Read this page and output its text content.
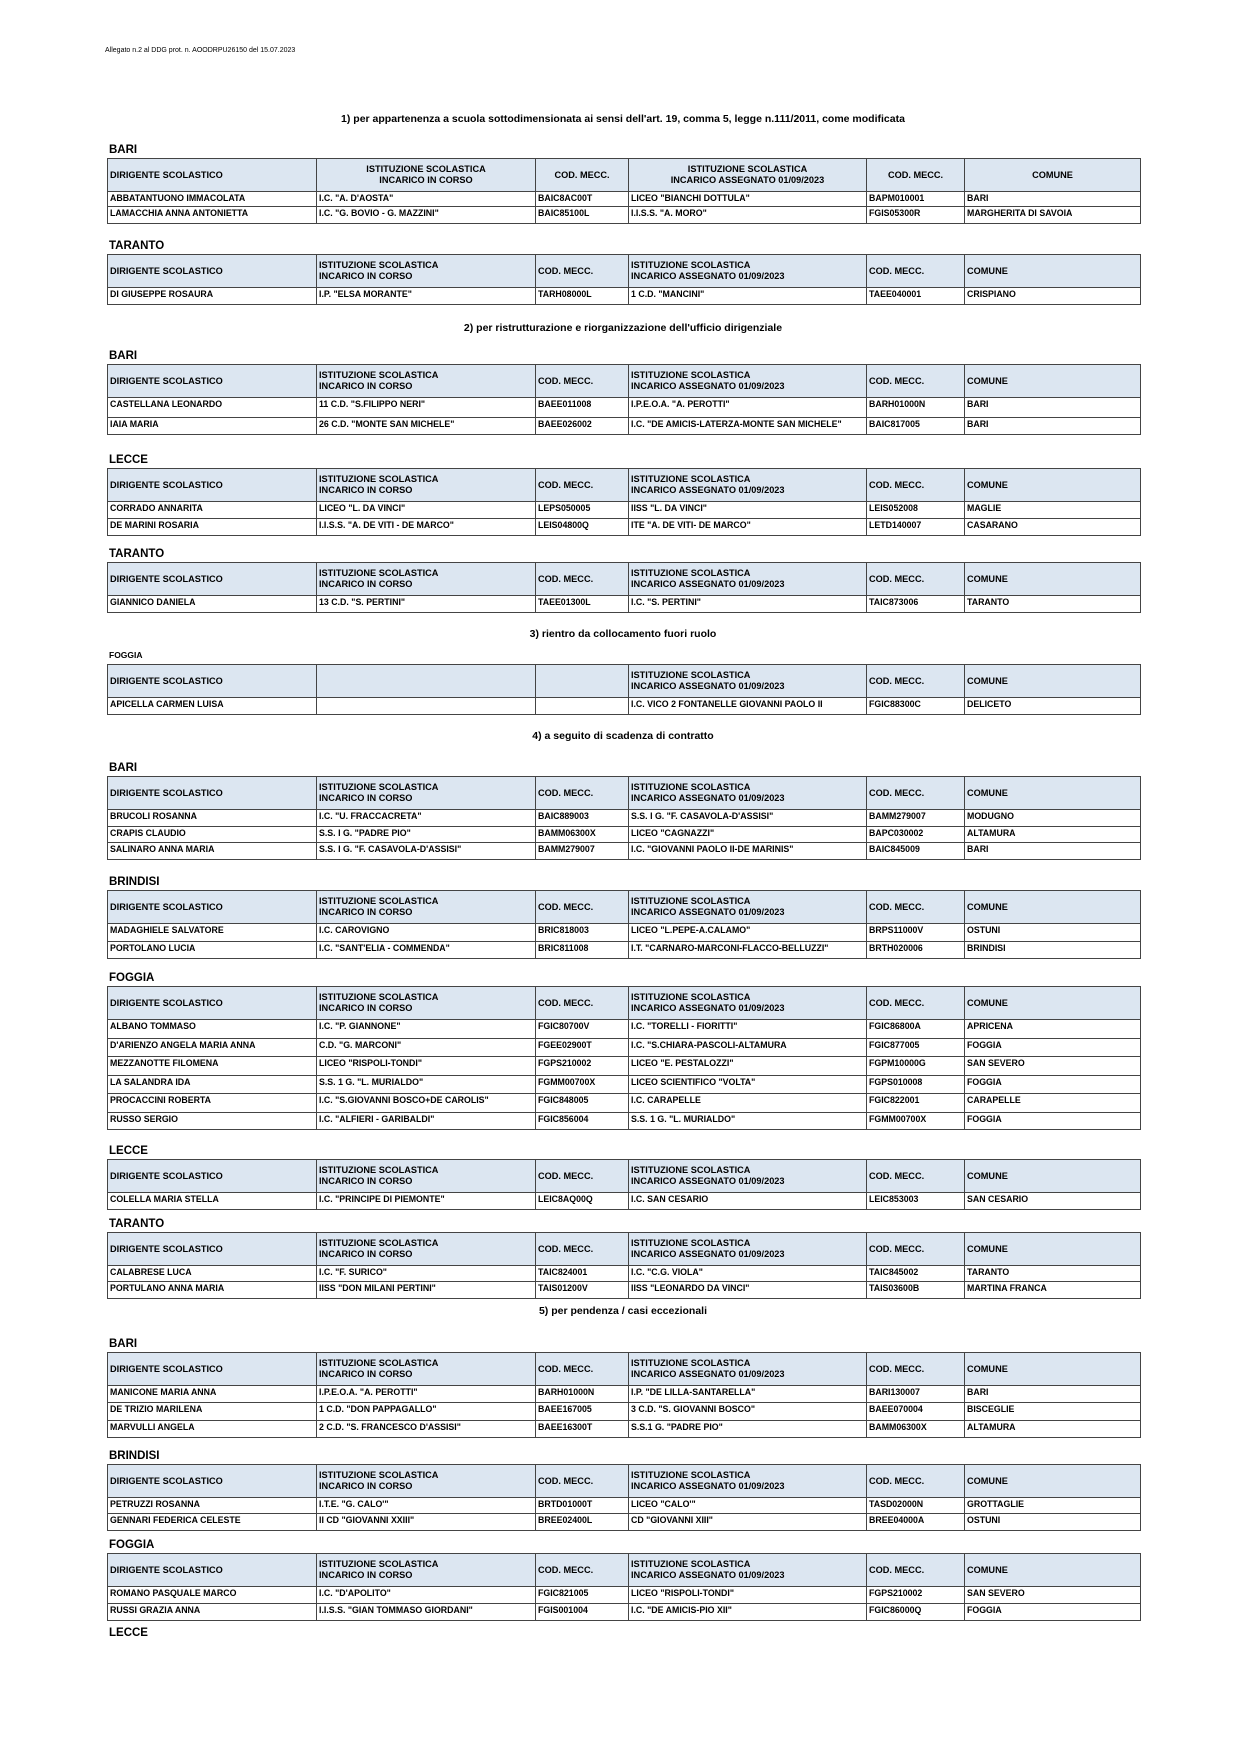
Allegato n.2 al DDG prot. n. AOODRPU26150 del 15.07.2023
1) per appartenenza a scuola sottodimensionata ai sensi dell'art. 19, comma 5, legge n.111/2011, come modificata
BARI
DIRIGENTE SCOLASTICO	ISTITUZIONE SCOLASTICA
INCARICO IN CORSO	COD. MECC.	ISTITUZIONE SCOLASTICA
INCARICO ASSEGNATO 01/09/2023	COD. MECC.	COMUNE
ABBATANTUONO IMMACOLATA	I.C. "A. D'AOSTA"	BAIC8AC00T	LICEO "BIANCHI DOTTULA"	BAPM010001	BARI
LAMACCHIA ANNA ANTONIETTA	I.C. "G. BOVIO - G. MAZZINI"	BAIC85100L	I.I.S.S. "A. MORO"	FGIS05300R	MARGHERITA DI SAVOIA
TARANTO
DIRIGENTE SCOLASTICO	ISTITUZIONE SCOLASTICA
INCARICO IN CORSO	COD. MECC.	ISTITUZIONE SCOLASTICA
INCARICO ASSEGNATO 01/09/2023	COD. MECC.	COMUNE
DI GIUSEPPE ROSAURA	I.P. "ELSA MORANTE"	TARH08000L	1 C.D. "MANCINI"	TAEE040001	CRISPIANO
2) per ristrutturazione e riorganizzazione dell'ufficio dirigenziale
BARI
DIRIGENTE SCOLASTICO	ISTITUZIONE SCOLASTICA
INCARICO IN CORSO	COD. MECC.	ISTITUZIONE SCOLASTICA
INCARICO ASSEGNATO 01/09/2023	COD. MECC.	COMUNE
CASTELLANA LEONARDO	11 C.D. "S.FILIPPO NERI"	BAEE011008	I.P.E.O.A. "A. PEROTTI"	BARH01000N	BARI
IAIA MARIA	26 C.D. "MONTE SAN MICHELE"	BAEE026002	I.C. "DE AMICIS-LATERZA-MONTE SAN MICHELE"	BAIC817005	BARI
LECCE
DIRIGENTE SCOLASTICO	ISTITUZIONE SCOLASTICA
INCARICO IN CORSO	COD. MECC.	ISTITUZIONE SCOLASTICA
INCARICO ASSEGNATO 01/09/2023	COD. MECC.	COMUNE
CORRADO ANNARITA	LICEO "L. DA VINCI"	LEPS050005	IISS "L. DA VINCI"	LEIS052008	MAGLIE
DE MARINI ROSARIA	I.I.S.S. "A. DE VITI - DE MARCO"	LEIS04800Q	ITE "A. DE VITI- DE MARCO"	LETD140007	CASARANO
TARANTO
DIRIGENTE SCOLASTICO	ISTITUZIONE SCOLASTICA
INCARICO IN CORSO	COD. MECC.	ISTITUZIONE SCOLASTICA
INCARICO ASSEGNATO 01/09/2023	COD. MECC.	COMUNE
GIANNICO DANIELA	13 C.D. "S. PERTINI"	TAEE01300L	I.C. "S. PERTINI"	TAIC873006	TARANTO
3) rientro da collocamento fuori ruolo
FOGGIA
DIRIGENTE SCOLASTICO			ISTITUZIONE SCOLASTICA
INCARICO ASSEGNATO 01/09/2023	COD. MECC.	COMUNE
APICELLA CARMEN LUISA			I.C. VICO 2 FONTANELLE GIOVANNI PAOLO II	FGIC88300C	DELICETO
4) a seguito di scadenza di contratto
BARI
DIRIGENTE SCOLASTICO	ISTITUZIONE SCOLASTICA
INCARICO IN CORSO	COD. MECC.	ISTITUZIONE SCOLASTICA
INCARICO ASSEGNATO 01/09/2023	COD. MECC.	COMUNE
BRUCOLI ROSANNA	I.C. "U. FRACCACRETA"	BAIC889003	S.S. I G. "F. CASAVOLA-D'ASSISI"	BAMM279007	MODUGNO
CRAPIS CLAUDIO	S.S. I G. "PADRE PIO"	BAMM06300X	LICEO "CAGNAZZI"	BAPC030002	ALTAMURA
SALINARO ANNA MARIA	S.S. I G. "F. CASAVOLA-D'ASSISI"	BAMM279007	I.C. "GIOVANNI PAOLO II-DE MARINIS"	BAIC845009	BARI
BRINDISI
DIRIGENTE SCOLASTICO	ISTITUZIONE SCOLASTICA
INCARICO IN CORSO	COD. MECC.	ISTITUZIONE SCOLASTICA
INCARICO ASSEGNATO 01/09/2023	COD. MECC.	COMUNE
MADAGHIELE SALVATORE	I.C. CAROVIGNO	BRIC818003	LICEO "L.PEPE-A.CALAMO"	BRPS11000V	OSTUNI
PORTOLANO LUCIA	I.C. "SANT'ELIA - COMMENDA"	BRIC811008	I.T. "CARNARO-MARCONI-FLACCO-BELLUZZI"	BRTH020006	BRINDISI
FOGGIA
DIRIGENTE SCOLASTICO	ISTITUZIONE SCOLASTICA
INCARICO IN CORSO	COD. MECC.	ISTITUZIONE SCOLASTICA
INCARICO ASSEGNATO 01/09/2023	COD. MECC.	COMUNE
ALBANO TOMMASO	I.C. "P. GIANNONE"	FGIC80700V	I.C. "TORELLI - FIORITTI"	FGIC86800A	APRICENA
D'ARIENZO ANGELA MARIA ANNA	C.D. "G. MARCONI"	FGEE02900T	I.C. "S.CHIARA-PASCOLI-ALTAMURA	FGIC877005	FOGGIA
MEZZANOTTE FILOMENA	LICEO "RISPOLI-TONDI"	FGPS210002	LICEO "E. PESTALOZZI"	FGPM10000G	SAN SEVERO
LA SALANDRA IDA	S.S. 1 G. "L. MURIALDO"	FGMM00700X	LICEO SCIENTIFICO "VOLTA"	FGPS010008	FOGGIA
PROCACCINI ROBERTA	I.C. "S.GIOVANNI BOSCO+DE CAROLIS"	FGIC848005	I.C. CARAPELLE	FGIC822001	CARAPELLE
RUSSO SERGIO	I.C. "ALFIERI - GARIBALDI"	FGIC856004	S.S. 1 G. "L. MURIALDO"	FGMM00700X	FOGGIA
LECCE
DIRIGENTE SCOLASTICO	ISTITUZIONE SCOLASTICA
INCARICO IN CORSO	COD. MECC.	ISTITUZIONE SCOLASTICA
INCARICO ASSEGNATO 01/09/2023	COD. MECC.	COMUNE
COLELLA MARIA STELLA	I.C. "PRINCIPE DI PIEMONTE"	LEIC8AQ00Q	I.C. SAN CESARIO	LEIC853003	SAN CESARIO
TARANTO
DIRIGENTE SCOLASTICO	ISTITUZIONE SCOLASTICA
INCARICO IN CORSO	COD. MECC.	ISTITUZIONE SCOLASTICA
INCARICO ASSEGNATO 01/09/2023	COD. MECC.	COMUNE
CALABRESE LUCA	I.C. "F. SURICO"	TAIC824001	I.C. "C.G. VIOLA"	TAIC845002	TARANTO
PORTULANO ANNA MARIA	IISS "DON MILANI PERTINI"	TAIS01200V	IISS "LEONARDO DA VINCI"	TAIS03600B	MARTINA FRANCA
5) per pendenza / casi eccezionali
BARI
DIRIGENTE SCOLASTICO	ISTITUZIONE SCOLASTICA
INCARICO IN CORSO	COD. MECC.	ISTITUZIONE SCOLASTICA
INCARICO ASSEGNATO 01/09/2023	COD. MECC.	COMUNE
MANICONE MARIA ANNA	I.P.E.O.A. "A. PEROTTI"	BARH01000N	I.P. "DE LILLA-SANTARELLA"	BARI130007	BARI
DE TRIZIO MARILENA	1 C.D. "DON PAPPAGALLO"	BAEE167005	3 C.D. "S. GIOVANNI BOSCO"	BAEE070004	BISCEGLIE
MARVULLI ANGELA	2 C.D. "S. FRANCESCO D'ASSISI"	BAEE16300T	S.S.1 G. "PADRE PIO"	BAMM06300X	ALTAMURA
BRINDISI
DIRIGENTE SCOLASTICO	ISTITUZIONE SCOLASTICA
INCARICO IN CORSO	COD. MECC.	ISTITUZIONE SCOLASTICA
INCARICO ASSEGNATO 01/09/2023	COD. MECC.	COMUNE
PETRUZZI ROSANNA	I.T.E. "G. CALO'"	BRTD01000T	LICEO "CALO'"	TASD02000N	GROTTAGLIE
GENNARI FEDERICA CELESTE	II CD "GIOVANNI XXIII"	BREE02400L	CD "GIOVANNI XIII"	BREE04000A	OSTUNI
FOGGIA
DIRIGENTE SCOLASTICO	ISTITUZIONE SCOLASTICA
INCARICO IN CORSO	COD. MECC.	ISTITUZIONE SCOLASTICA
INCARICO ASSEGNATO 01/09/2023	COD. MECC.	COMUNE
ROMANO PASQUALE MARCO	I.C. "D'APOLITO"	FGIC821005	LICEO "RISPOLI-TONDI"	FGPS210002	SAN SEVERO
RUSSI GRAZIA ANNA	I.I.S.S. "GIAN TOMMASO GIORDANI"	FGIS001004	I.C. "DE AMICIS-PIO XII"	FGIC86000Q	FOGGIA
LECCE
